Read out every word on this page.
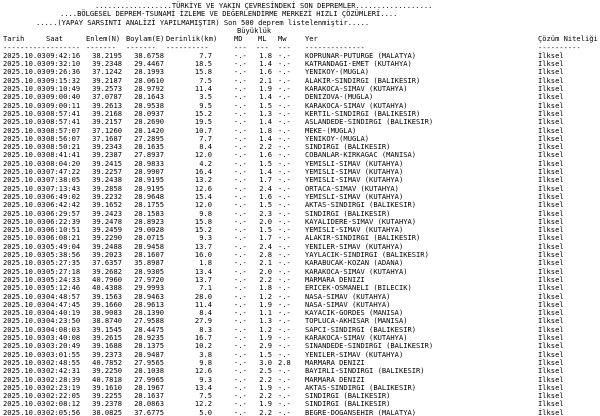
..................TÜRKİYE VE YAKIN ÇEVRESİNDEKİ SON DEPREMLER..................
....BÖLGESEL DEPREM-TSUNAMİ İZLEME VE DEĞERLENDİRME MERKEZİ HIZLI ÇÖZÜMLERİ....
.....(YAPAY SARSINTI ANALİZİ YAPILMAMIŞTIR) Son 500 deprem listelenmiştir.....
Büyüklük
Tarih	Saat	Enlem(N) Boylam(E) Derinlik(km) MD ML Mw	Yer	Çözüm Niteliği
---------- -------- ------- ------- ----------	--- --- --- --------------	----------
2025.10.03 09:42:16	38.2195	38.6758	7.7	-.-	1.8 -.- KOPRUNAR-PUTURGE (MALATYA)	İlksel
2025.10.03 09:32:10	39.2348	29.4467	18.5	-.-	1.4 -.- KATRANDAGI-EMET (KUTAHYA)	İlksel
2025.10.03 09:26:36	37.1242	28.1993	15.8	-.-	1.6 -.- YENIKOY-(MUGLA)	İlksel
2025.10.03 09:15:32	39.2187	28.0610	7.5	-.-	2.1 -.- ALAKIR-SINDIRGI (BALIKESIR)	İlksel
2025.10.03 09:10:49	39.2573	28.9792	11.4	-.-	1.9 -.- KARAKOCA-SIMAV (KUTAHYA)	İlksel
2025.10.03 09:00:40	37.0787	28.1643	3.5	-.-	1.4 -.- DENIZOVA-(MUGLA)	İlksel
2025.10.03 09:00:11	39.2613	28.9538	9.5	-.-	1.5 -.- KARAKOCA-SIMAV (KUTAHYA)	İlksel
2025.10.03 08:57:41	39.2168	28.0937	15.2	-.-	1.3 -.- KERTIL-SINDIRGI (BALIKESIR)	İlksel
2025.10.03 08:57:41	39.2157	28.2690	19.5	-.-	1.4 -.- ASLANDEDE-SINDIRGI (BALIKESIR)	İlksel
2025.10.03 08:57:07	37.1260	28.1420	10.7	-.-	1.8 -.- MEKE-(MUGLA)	İlksel
2025.10.03 08:56:07	37.1687	27.2895	7.7	-.-	1.4 -.- YENIKOY-(MUGLA)	İlksel
2025.10.03 08:50:21	39.2343	28.1635	8.4	-.-	2.2 -.- SINDIRGI (BALIKESIR)	İlksel
2025.10.03 08:41:41	39.2387	27.8937	12.0	-.-	1.6 -.- COBANLAR-KIRKAGAC (MANISA)	İlksel
2025.10.03 08:04:20	39.2415	28.9833	4.2	-.-	1.5 -.- YEMISLI-SIMAV (KUTAHYA)	İlksel
2025.10.03 07:47:22	39.2257	28.9907	16.4	-.-	1.4 -.- YEMISLI-SIMAV (KUTAHYA)	İlksel
2025.10.03 07:38:05	39.2438	28.9195	13.2	-.-	1.7 -.- YEMISLI-SIMAV (KUTAHYA)	İlksel
2025.10.03 07:13:43	39.2858	28.9195	12.6	-.-	2.4 -.- ORTACA-SIMAV (KUTAHYA)	İlksel
2025.10.03 06:49:02	39.2232	28.9648	15.4	-.-	1.6 -.- YEMISLI-SIMAV (KUTAHYA)	İlksel
2025.10.03 06:42:42	39.1652	28.1755	12.0	-.-	1.5 -.- AKTAS-SINDIRGI (BALIKESIR)	İlksel
2025.10.03 06:29:57	39.2423	28.1583	9.8	-.-	2.3 -.- SINDIRGI (BALIKESIR)	İlksel
2025.10.03 06:22:39	39.2478	28.8923	15.8	-.-	2.0 -.- KAYALIDERE-SIMAV (KUTAHYA)	İlksel
2025.10.03 06:10:51	39.2459	29.0028	15.2	-.-	1.5 -.- YEMISLI-SIMAV (KUTAHYA)	İlksel
2025.10.03 06:08:21	39.2290	28.0715	9.3	-.-	1.7 -.- ALAKIR-SINDIRGI (BALIKESIR)	İlksel
2025.10.03 05:49:04	39.2488	28.9458	13.7	-.-	2.4 -.- YENILER-SIMAV (KUTAHYA)	İlksel
2025.10.03 05:38:56	39.2023	28.1607	16.0	-.-	2.8 -.- YAYLACIK-SINDIRGI (BALIKESIR)	İlksel
2025.10.03 05:27:35	37.6357	35.8987	1.8	-.-	2.1 -.- KARABUCAK-KOZAN (ADANA)	İlksel
2025.10.03 05:27:18	39.2682	28.9305	13.4	-.-	2.0 -.- KARAKOCA-SIMAV (KUTAHYA)	İlksel
2025.10.03 05:24:33	40.7960	27.9720	13.7	-.-	2.2 -.- MARMARA DENIZI	İlksel
2025.10.03 05:12:46	40.4388	29.9993	7.1	-.-	1.8 -.- ERICEK-OSMANELI (BILECIK)	İlksel
2025.10.03 04:48:57	39.1563	28.9463	28.0	-.-	1.2 -.- NASA-SIMAV (KUTAHYA)	İlksel
2025.10.03 04:47:45	39.1660	28.9613	11.4	-.-	1.9 -.- NASA-SIMAV (KUTAHYA)	İlksel
2025.10.03 04:40:19	38.9083	28.1390	8.4	-.-	1.1 -.- KAYACIK-GORDES (MANISA)	İlksel
2025.10.03 04:23:50	38.8740	27.9588	27.9	-.-	1.3 -.- TOPLUCA-AKHISAR (MANISA)	İlksel
2025.10.03 04:08:03	39.1545	28.4475	8.3	-.-	1.2 -.- SAPCI-SINDIRGI (BALIKESIR)	İlksel
2025.10.03 03:40:08	39.2615	28.9235	16.7	-.-	1.9 -.- KARAKOCA-SIMAV (KUTAHYA)	İlksel
2025.10.03 03:20:49	39.1688	28.1375	10.2	-.-	2.9 -.- SINANDEDE-SINDIRGI (BALIKESIR)	İlksel
2025.10.03 03:01:55	39.2373	28.9487	3.8	-.-	1.5 -.- YENILER-SIMAV (KUTAHYA)	İlksel
2025.10.03 02:48:55	40.7852	27.9565	9.8	-.-	3.0 2.8 MARMARA DENIZI	İlksel
2025.10.03 02:42:31	39.2250	28.1038	12.6	-.-	2.5 -.- BAYIRLI-SINDIRGI (BALIKESIR)	İlksel
2025.10.03 02:28:39	40.7818	27.9965	9.3	-.-	2.2 -.- MARMARA DENIZI	İlksel
2025.10.03 02:23:19	39.1610	28.1967	13.4	-.-	1.9 -.- AKTAS-SINDIRGI (BALIKESIR)	İlksel
2025.10.03 02:22:05	39.2255	28.1637	7.5	-.-	2.2 -.- SINDIRGI (BALIKESIR)	İlksel
2025.10.03 02:08:12	39.2378	28.0863	12.2	-.-	1.9 -.- SINDIRGI (BALIKESIR)	İlksel
2025.10.03 02:05:56	38.0825	37.6775	5.0	-.-	2.2 -.- BEGRE-DOGANSEHIR (MALATYA)	İlksel
